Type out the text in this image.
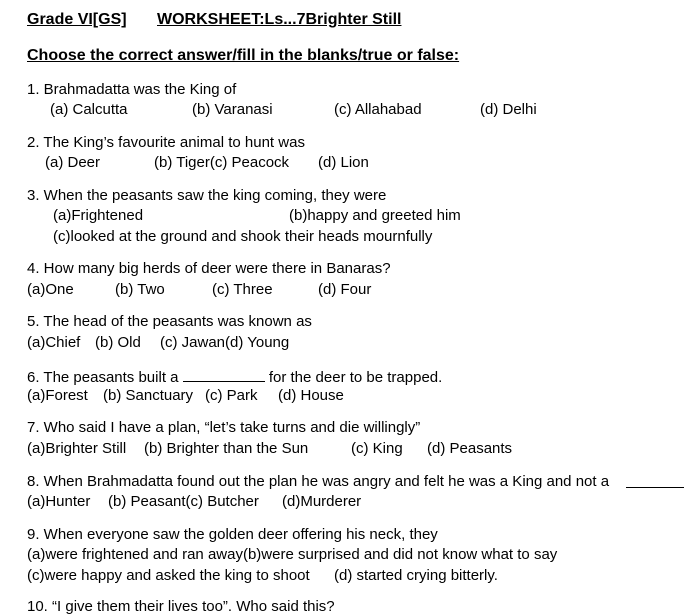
Grade VI[GS] WORKSHEET:Ls...7Brighter Still
Choose the correct answer/fill in the blanks/true or false:
1. Brahmadatta was the King of
(a) Calcutta	(b) Varanasi	(c) Allahabad	(d) Delhi
2. The King’s favourite animal to hunt was
(a) Deer	(b) Tiger(c) Peacock (d) Lion
3. When the peasants saw the king coming, they were
(a)Frightened	(b)happy and greeted him
(c)looked at the ground and shook their heads mournfully
4. How many big herds of deer were there in Banaras?
(a)One	(b) Two	(c) Three	(d) Four
5. The head of the peasants was known as
(a)Chief (b) Old (c) Jawan(d) Young
6. The peasants built a	for the deer to be trapped.
(a)Forest (b) Sanctuary (c) Park (d) House
7. Who said I have a plan, “let’s take turns and die willingly”
(a)Brighter Still (b) Brighter than the Sun	(c) King (d) Peasants
8. When Brahmadatta found out the plan he was angry and felt he was a King and not a
(a)Hunter (b) Peasant(c) Butcher (d)Murderer
9. When everyone saw the golden deer offering his neck, they
(a)were frightened and ran away(b)were surprised and did not know what to say
(c)were happy and asked the king to shoot (d) started crying bitterly.
10. “I give them their lives too”. Who said this?
